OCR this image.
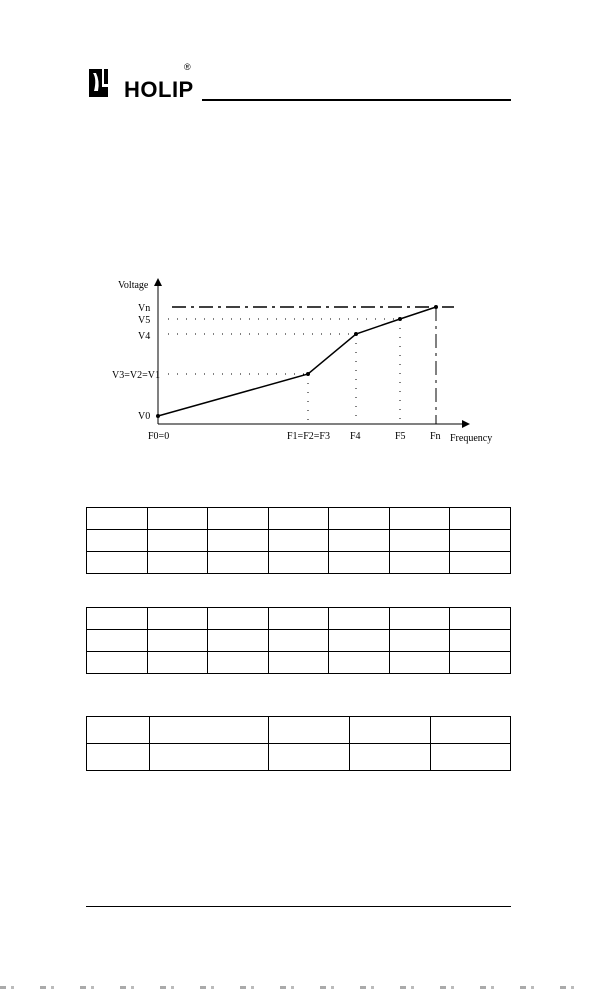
HOLIP
®
Voltage
Frequency
Vn
V5
V4
V3=V2=V1
V0
F0=0	F1=F2=F3 F4	F5 Fn
